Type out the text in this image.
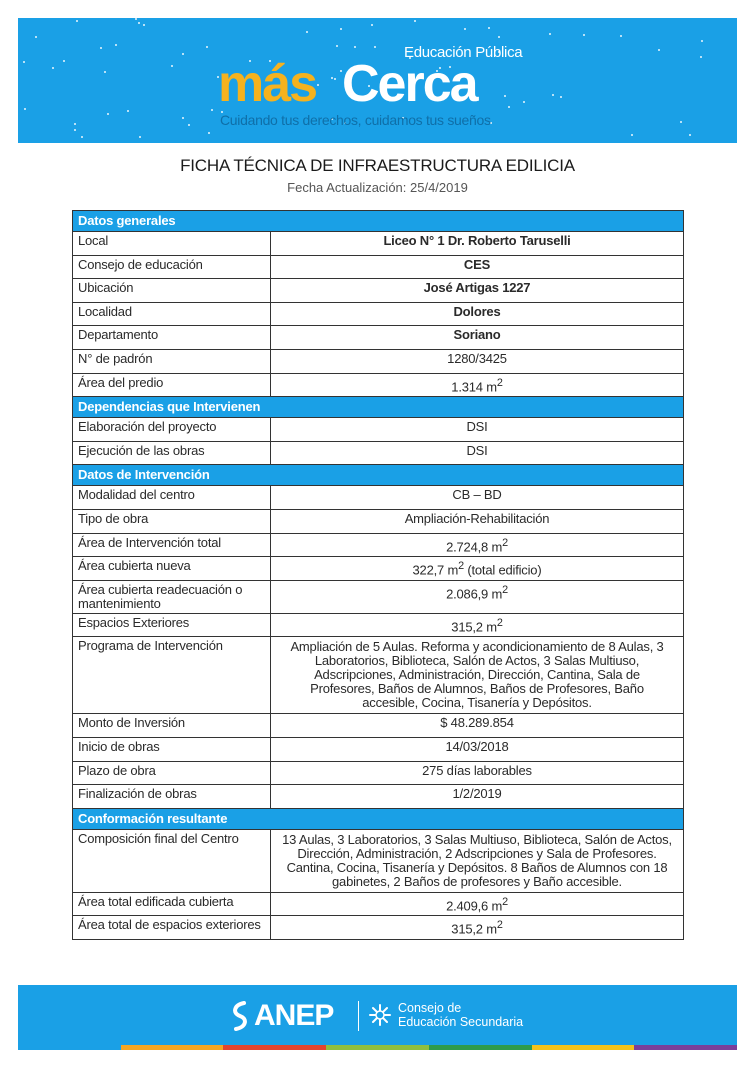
Educación Pública
más Cerca
Cuidando tus derechos, cuidamos tus sueños
FICHA TÉCNICA DE INFRAESTRUCTURA EDILICIA
Fecha Actualización: 25/4/2019
Datos generales	
Local	Liceo N° 1 Dr. Roberto Taruselli
Consejo de educación	CES
Ubicación	José Artigas 1227
Localidad	Dolores
Departamento	Soriano
N° de padrón	1280/3425
Área del predio	1.314 $m^2$
Dependencias que Intervienen	
Elaboración del proyecto	DSI
Ejecución de las obras	DSI
Datos de Intervención	
Modalidad del centro	CB – BD
Tipo de obra	Ampliación-Rehabilitación
Área de Intervención total	2.724,8 $m^2$
Área cubierta nueva	322,7 $m^2$ (total edificio)
Área cubierta readecuación o mantenimiento	2.086,9 $m^2$
Espacios Exteriores	315,2 $m^2$
Programa de Intervención	Ampliación de 5 Aulas. Reforma y acondicionamiento de 8 Aulas, 3 Laboratorios, Biblioteca, Salón de Actos, 3 Salas Multiuso, Adscripciones, Administración, Dirección, Cantina, Sala de Profesores, Baños de Alumnos, Baños de Profesores, Baño accesible, Cocina, Tisanería y Depósitos.
Monto de Inversión	$ 48.289.854
Inicio de obras	14/03/2018
Plazo de obra	275 días laborables
Finalización de obras	1/2/2019
Conformación resultante	
Composición final del Centro	13 Aulas, 3 Laboratorios, 3 Salas Multiuso, Biblioteca, Salón de Actos, Dirección, Administración, 2 Adscripciones y Sala de Profesores. Cantina, Cocina, Tisanería y Depósitos. 8 Baños de Alumnos con 18 gabinetes, 2 Baños de profesores y Baño accesible.
Área total edificada cubierta	2.409,6 $m^2$
Área total de espacios exteriores	315,2 $m^2$
ANEP	Consejo de
Educación Secundaria
